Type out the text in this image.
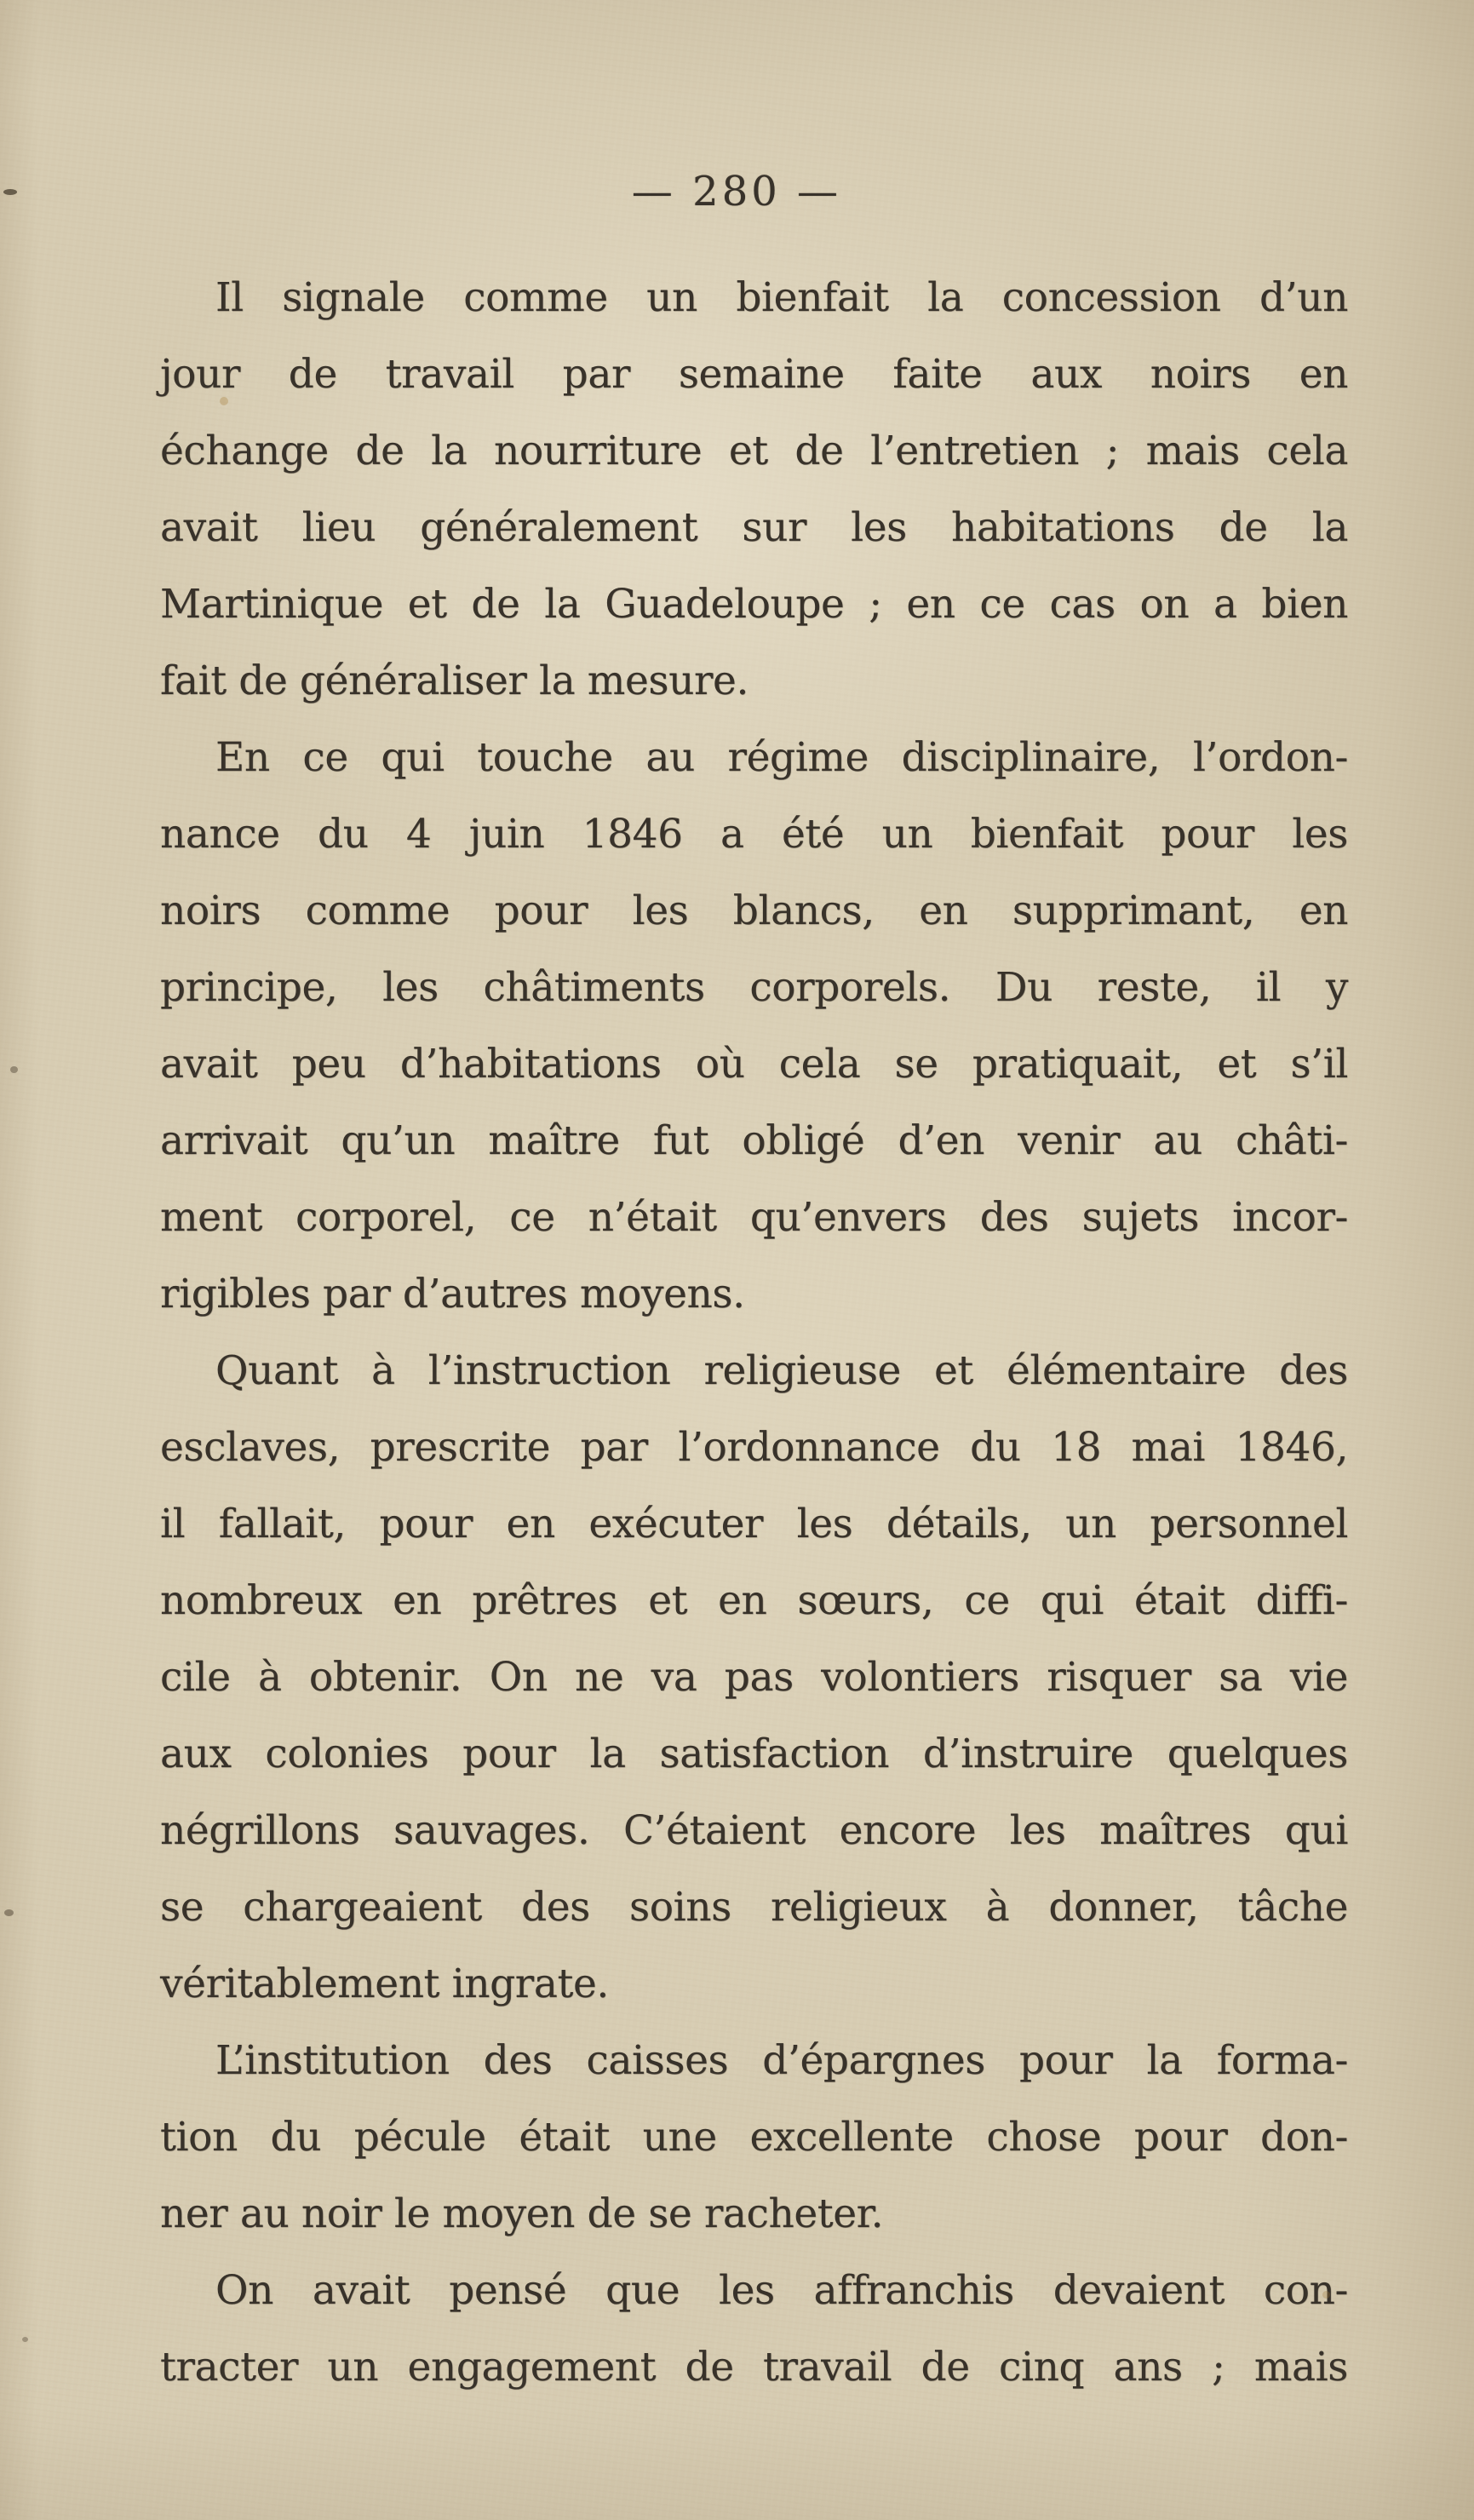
— 280 —
Il signale comme un bienfait la concession d’un
jour de travail par semaine faite aux noirs en
échange de la nourriture et de l’entretien ; mais cela
avait lieu généralement sur les habitations de la
Martinique et de la Guadeloupe ; en ce cas on a bien
fait de généraliser la mesure.
En ce qui touche au régime disciplinaire, l’ordon-
nance du 4 juin 1846 a été un bienfait pour les
noirs comme pour les blancs, en supprimant, en
principe, les châtiments corporels. Du reste, il y
avait peu d’habitations où cela se pratiquait, et s’il
arrivait qu’un maître fut obligé d’en venir au châti-
ment corporel, ce n’était qu’envers des sujets incor-
rigibles par d’autres moyens.
Quant à l’instruction religieuse et élémentaire des
esclaves, prescrite par l’ordonnance du 18 mai 1846,
il fallait, pour en exécuter les détails, un personnel
nombreux en prêtres et en sœurs, ce qui était diffi-
cile à obtenir. On ne va pas volontiers risquer sa vie
aux colonies pour la satisfaction d’instruire quelques
négrillons sauvages. C’étaient encore les maîtres qui
se chargeaient des soins religieux à donner, tâche
véritablement ingrate.
L’institution des caisses d’épargnes pour la forma-
tion du pécule était une excellente chose pour don-
ner au noir le moyen de se racheter.
On avait pensé que les affranchis devaient con-
tracter un engagement de travail de cinq ans ; mais
